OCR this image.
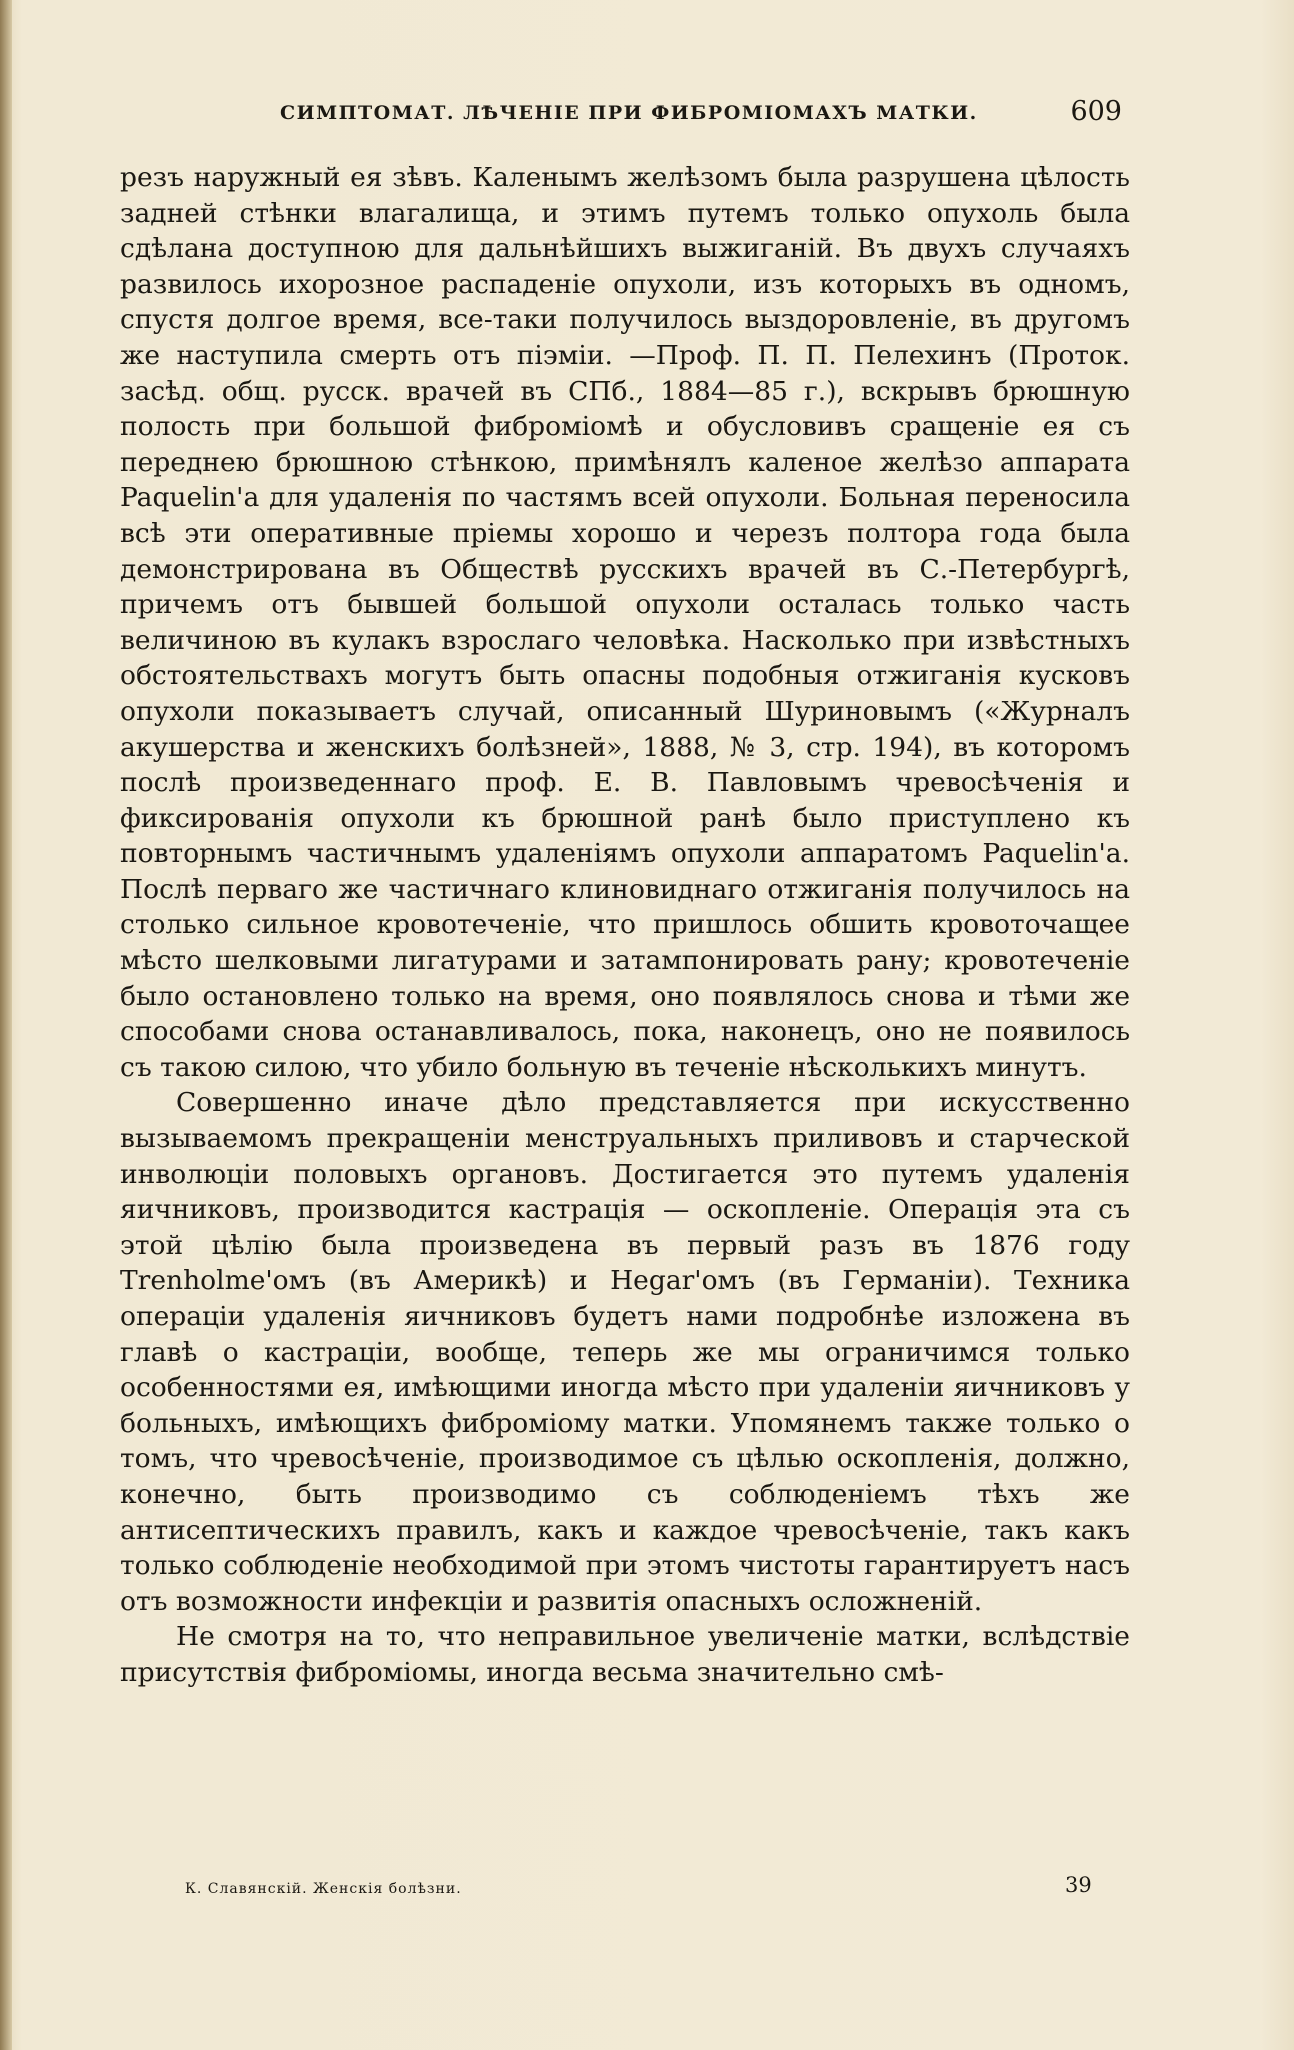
СИМПТОМАТ. ЛѢЧЕНІЕ ПРИ ФИБРОМІОМАХЪ МАТКИ.	609

резъ наружный ея зѣвъ. Каленымъ желѣзомъ была разрушена цѣлость задней стѣнки влагалища, и этимъ путемъ только опухоль была сдѣлана доступною для дальнѣйшихъ выжиганій. Въ двухъ случаяхъ развилось ихорозное распаденіе опухоли, изъ которыхъ въ одномъ, спустя долгое время, все-таки получилось выздоровленіе, въ другомъ же наступила смерть отъ піэміи. —Проф. П. П. Пелехинъ (Проток. засѣд. общ. русск. врачей въ СПб., 1884—85 г.), вскрывъ брюшную полость при большой фиброміомѣ и обусловивъ сращеніе ея съ переднею брюшною стѣнкою, примѣнялъ каленое желѣзо аппарата Paquelin'а для удаленія по частямъ всей опухоли. Больная переносила всѣ эти оперативные пріемы хорошо и черезъ полтора года была демонстрирована въ Обществѣ русскихъ врачей въ С.-Петербургѣ, причемъ отъ бывшей большой опухоли осталась только часть величиною въ кулакъ взрослаго человѣка. Насколько при извѣстныхъ обстоятельствахъ могутъ быть опасны подобныя отжиганія кусковъ опухоли показываетъ случай, описанный Шуриновымъ («Журналъ акушерства и женскихъ болѣзней», 1888, № 3, стр. 194), въ которомъ послѣ произведеннаго проф. Е. В. Павловымъ чревосѣченія и фиксированія опухоли къ брюшной ранѣ было приступлено къ повторнымъ частичнымъ удаленіямъ опухоли аппаратомъ Paquelin'а. Послѣ перваго же частичнаго клиновиднаго отжиганія получилось на столько сильное кровотеченіе, что пришлось обшить кровоточащее мѣсто шелковыми лигатурами и затампонировать рану; кровотеченіе было остановлено только на время, оно появлялось снова и тѣми же способами снова останавливалось, пока, наконецъ, оно не появилось съ такою силою, что убило больную въ теченіе нѣсколькихъ минутъ.

Совершенно иначе дѣло представляется при искусственно вызываемомъ прекращеніи менструальныхъ приливовъ и старческой инволюціи половыхъ органовъ. Достигается это путемъ удаленія яичниковъ, производится кастрація — оскопленіе. Операція эта съ этой цѣлію была произведена въ первый разъ въ 1876 году Trenholme'омъ (въ Америкѣ) и Hegar'омъ (въ Германіи). Техника операціи удаленія яичниковъ будетъ нами подробнѣе изложена въ главѣ о кастраціи, вообще, теперь же мы ограничимся только особенностями ея, имѣющими иногда мѣсто при удаленіи яичниковъ у больныхъ, имѣющихъ фиброміому матки. Упомянемъ также только о томъ, что чревосѣченіе, производимое съ цѣлью оскопленія, должно, конечно, быть производимо съ соблюденіемъ тѣхъ же антисептическихъ правилъ, какъ и каждое чревосѣченіе, такъ какъ только соблюденіе необходимой при этомъ чистоты гарантируетъ насъ отъ возможности инфекціи и развитія опасныхъ осложненій.

Не смотря на то, что неправильное увеличеніе матки, вслѣдствіе присутствія фиброміомы, иногда весьма значительно смѣ-

К. Славянскій. Женскія болѣзни.	39
